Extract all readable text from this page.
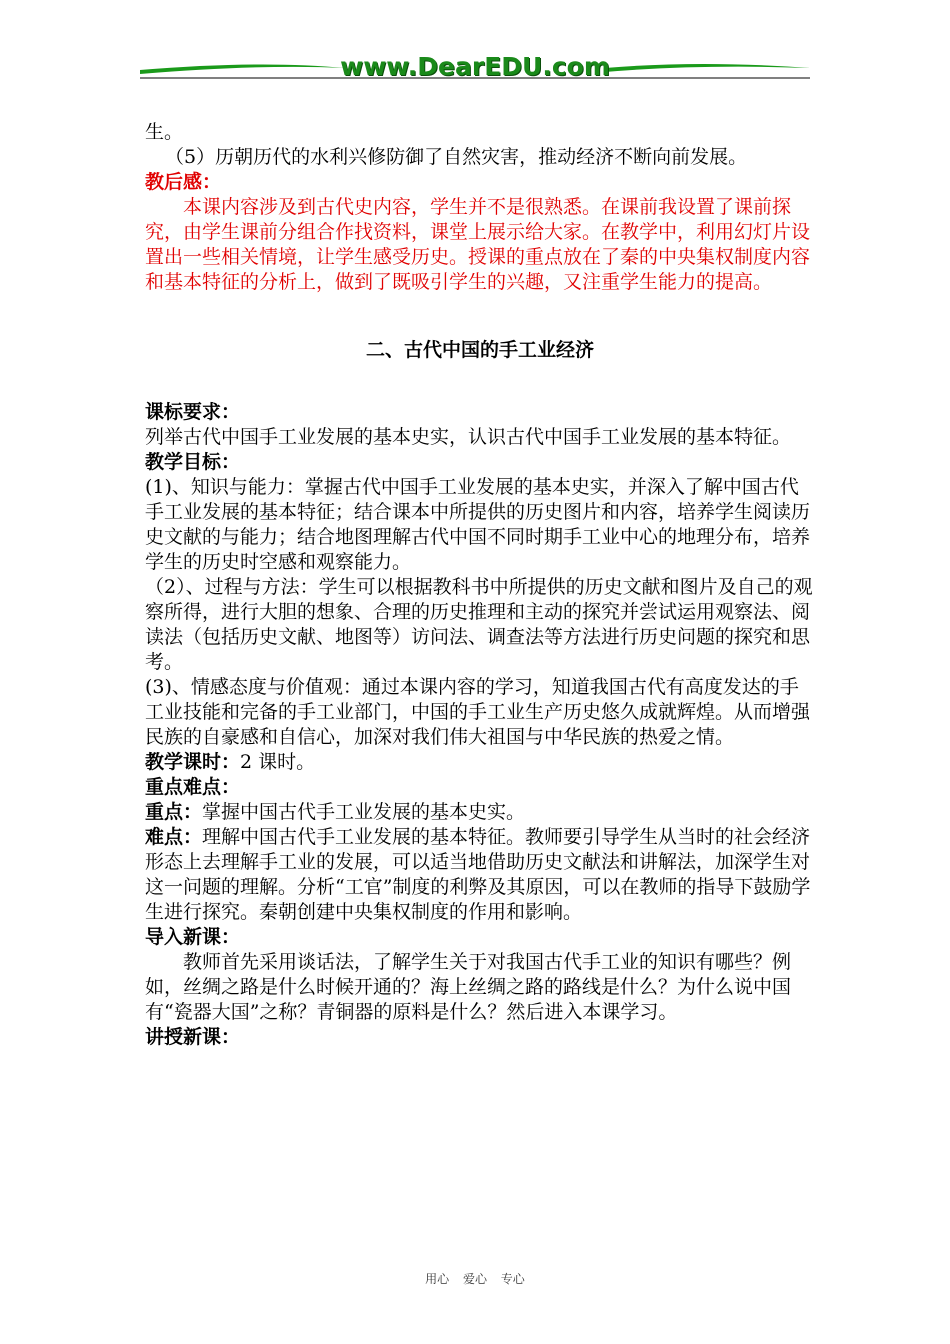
www.DearEDU.com

生。

（5）历朝历代的水利兴修防御了自然灾害，推动经济不断向前发展。

教后感：

本课内容涉及到古代史内容，学生并不是很熟悉。在课前我设置了课前探究，由学生课前分组合作找资料，课堂上展示给大家。在教学中，利用幻灯片设置出一些相关情境，让学生感受历史。授课的重点放在了秦的中央集权制度内容和基本特征的分析上，做到了既吸引学生的兴趣，又注重学生能力的提高。

二、古代中国的手工业经济

课标要求：

列举古代中国手工业发展的基本史实，认识古代中国手工业发展的基本特征。

教学目标：

(1)、知识与能力：掌握古代中国手工业发展的基本史实，并深入了解中国古代手工业发展的基本特征；结合课本中所提供的历史图片和内容，培养学生阅读历史文献的与能力；结合地图理解古代中国不同时期手工业中心的地理分布，培养学生的历史时空感和观察能力。

（2）、过程与方法：学生可以根据教科书中所提供的历史文献和图片及自己的观察所得，进行大胆的想象、合理的历史推理和主动的探究并尝试运用观察法、阅读法（包括历史文献、地图等）访问法、调查法等方法进行历史问题的探究和思考。

(3)、情感态度与价值观：通过本课内容的学习，知道我国古代有高度发达的手工业技能和完备的手工业部门，中国的手工业生产历史悠久成就辉煌。从而增强民族的自豪感和自信心，加深对我们伟大祖国与中华民族的热爱之情。

教学课时：2 课时。

重点难点：

重点：掌握中国古代手工业发展的基本史实。

难点：理解中国古代手工业发展的基本特征。教师要引导学生从当时的社会经济形态上去理解手工业的发展，可以适当地借助历史文献法和讲解法，加深学生对这一问题的理解。分析“工官”制度的利弊及其原因，可以在教师的指导下鼓励学生进行探究。秦朝创建中央集权制度的作用和影响。

导入新课：

教师首先采用谈话法，了解学生关于对我国古代手工业的知识有哪些？例如，丝绸之路是什么时候开通的？海上丝绸之路的路线是什么？为什么说中国有“瓷器大国”之称？青铜器的原料是什么？然后进入本课学习。

讲授新课：

用心 爱心 专心
